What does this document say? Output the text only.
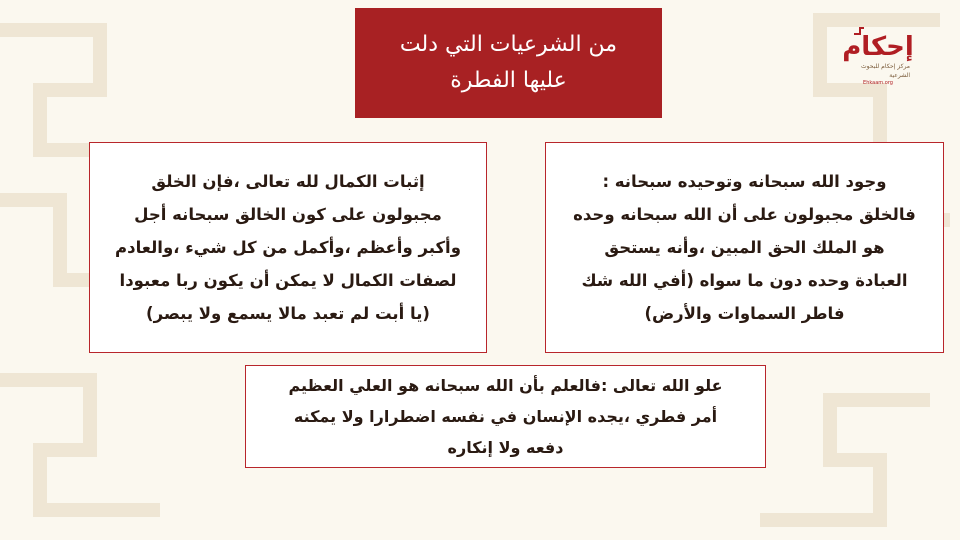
من الشرعيات التي دلت
عليها الفطرة
إحكام
مركز إحكام للبحوث الشرعية
Ehkaam.org
وجود الله سبحانه وتوحيده سبحانه :
فالخلق مجبولون على أن الله سبحانه وحده
هو الملك الحق المبين ،وأنه يستحق
العبادة وحده دون ما سواه (أفي الله شك
فاطر السماوات والأرض)
إثبات الكمال لله تعالى ،فإن الخلق
مجبولون على كون الخالق سبحانه أجل
وأكبر وأعظم ،وأكمل من كل شيء ،والعادم
لصفات الكمال لا يمكن أن يكون ربا معبودا
(يا أبت لم تعبد مالا يسمع ولا يبصر)
علو الله تعالى :فالعلم بأن الله سبحانه هو العلي العظيم
أمر فطري ،يجده الإنسان في نفسه اضطرارا ولا يمكنه
دفعه ولا إنكاره
